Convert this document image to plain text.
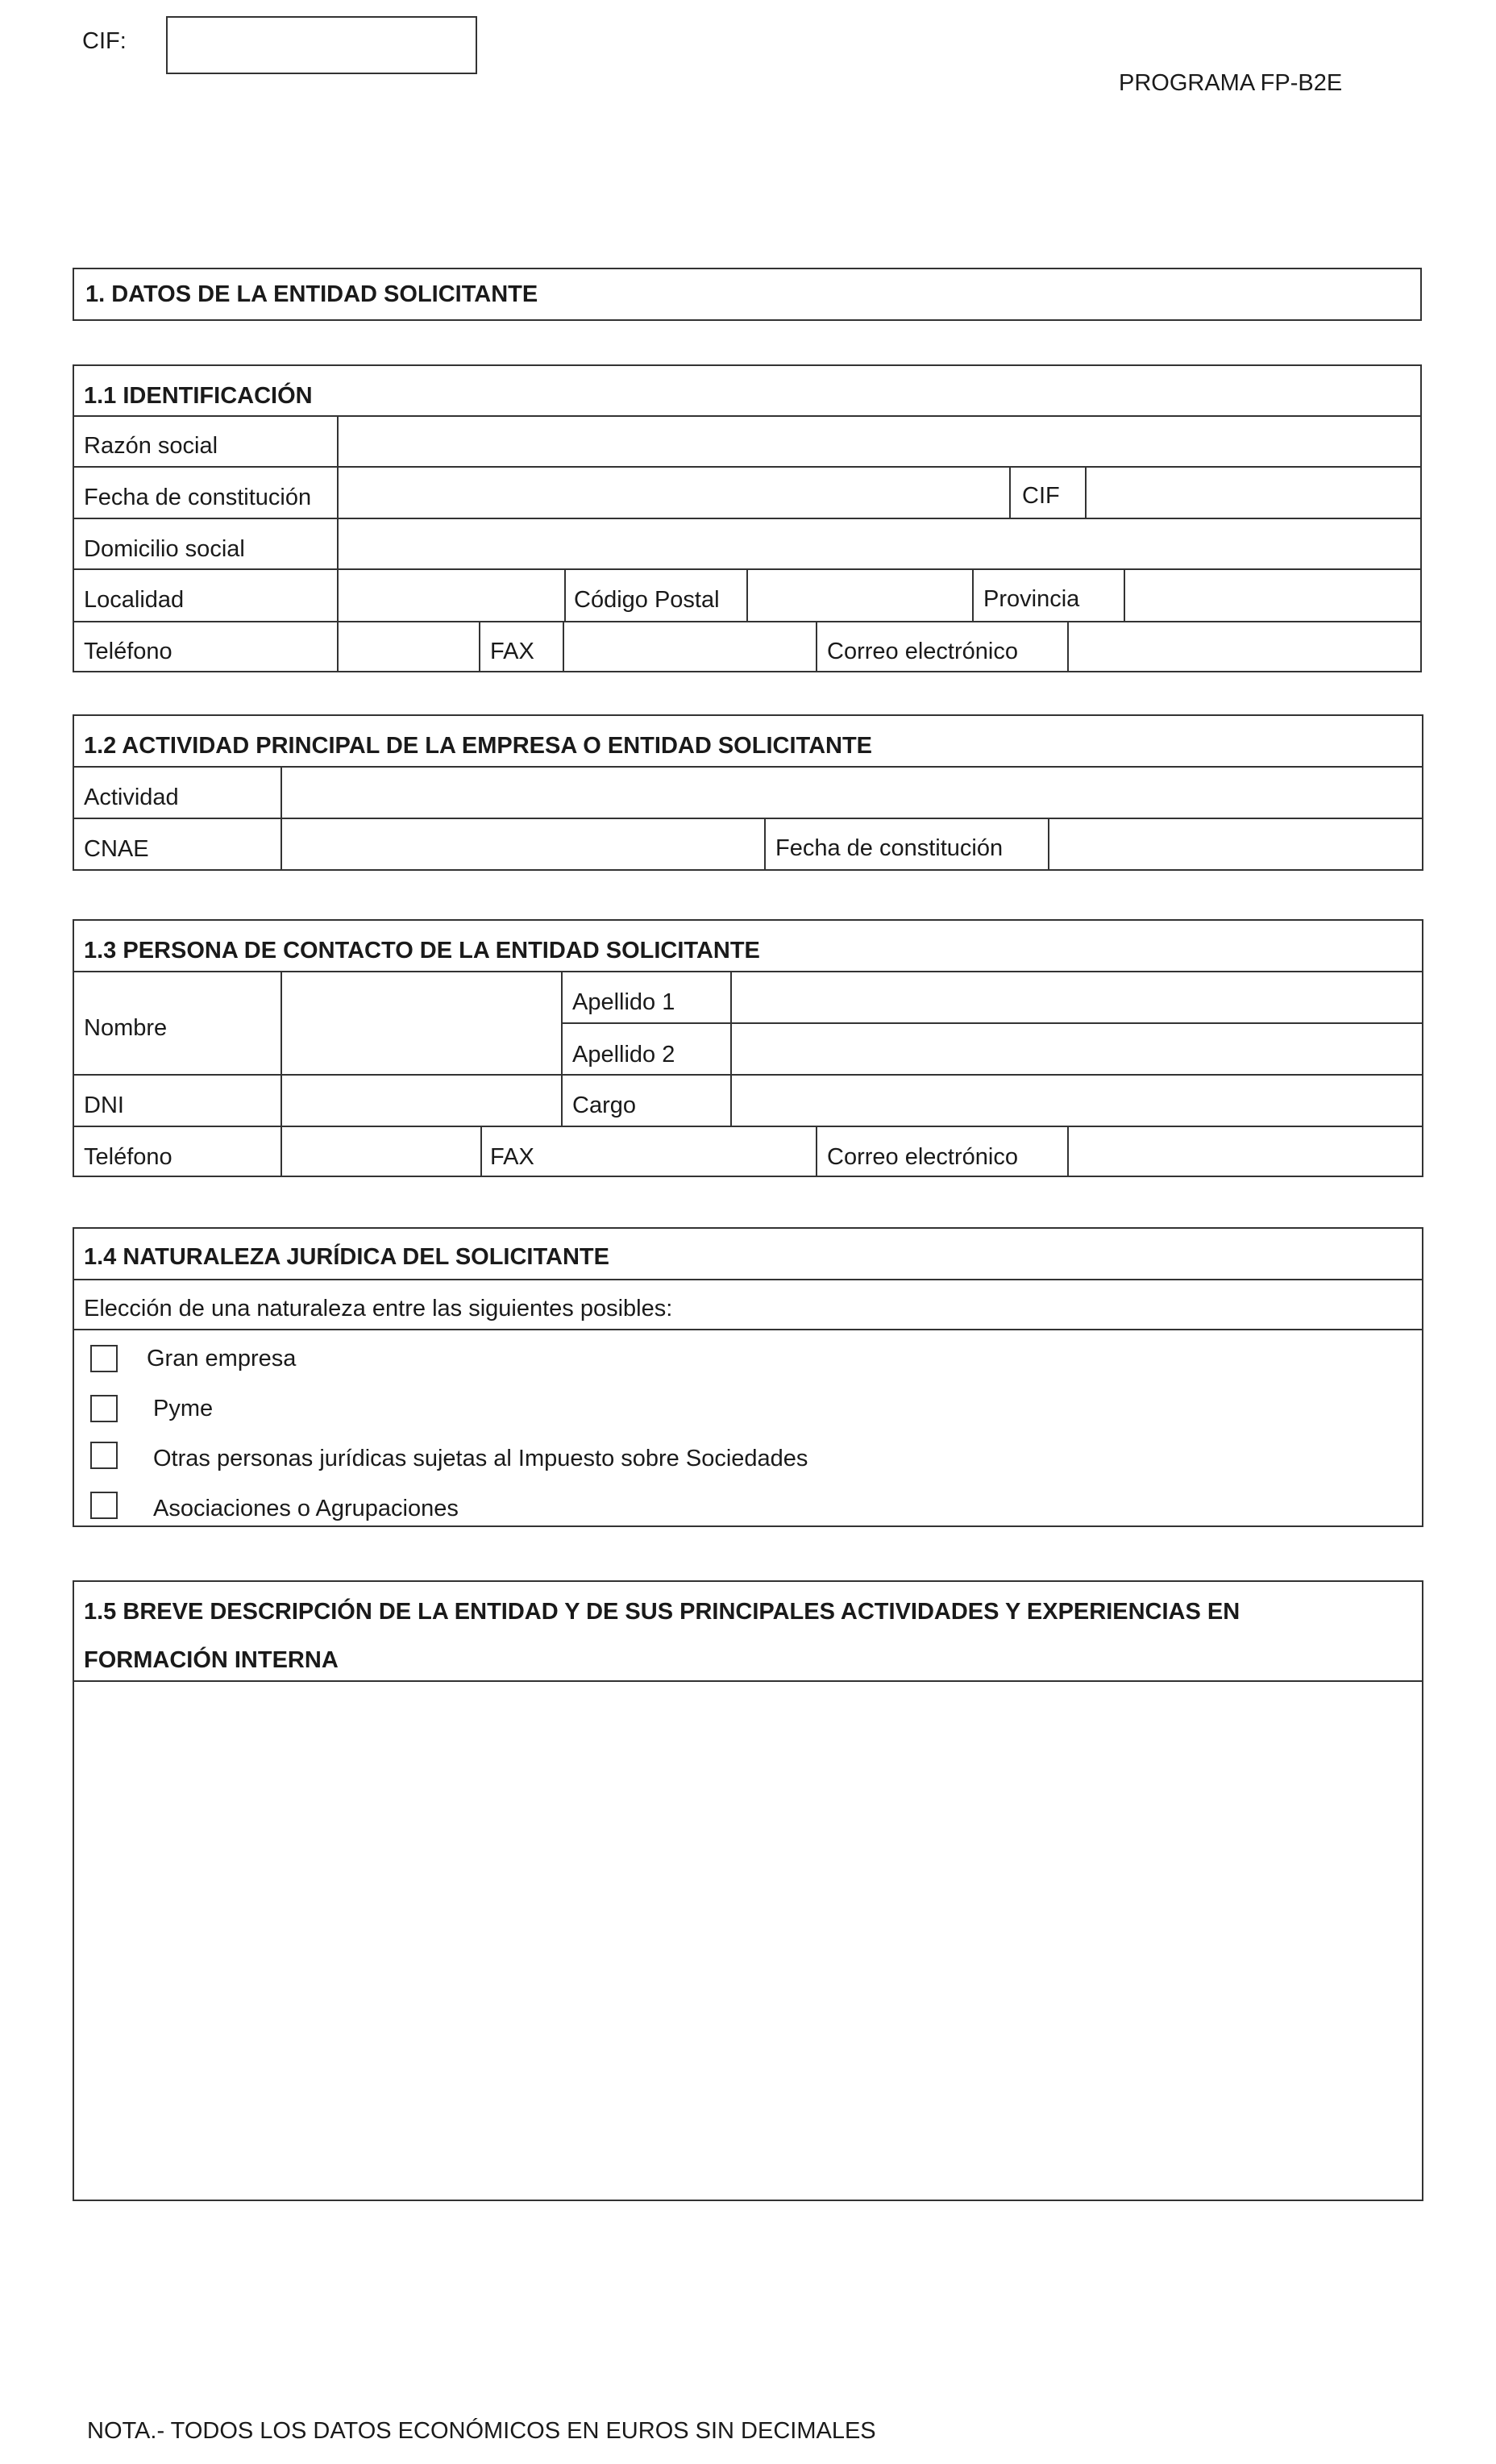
CIF:
PROGRAMA FP-B2E
1. DATOS DE LA ENTIDAD SOLICITANTE
1.1 IDENTIFICACIÓN
Razón social
Fecha de constitución	CIF
Domicilio social
Localidad	Código Postal	Provincia
Teléfono	FAX	Correo electrónico
1.2 ACTIVIDAD PRINCIPAL DE LA EMPRESA O ENTIDAD SOLICITANTE
Actividad
CNAE	Fecha de constitución
1.3 PERSONA DE CONTACTO DE LA ENTIDAD SOLICITANTE
Nombre
Apellido 1
Apellido 2
DNI	Cargo
Teléfono	FAX	Correo electrónico
1.4 NATURALEZA JURÍDICA DEL SOLICITANTE
Elección de una naturaleza entre las siguientes posibles:
Gran empresa
Pyme
Otras personas jurídicas sujetas al Impuesto sobre Sociedades
Asociaciones o Agrupaciones
1.5 BREVE DESCRIPCIÓN DE LA ENTIDAD Y DE SUS PRINCIPALES ACTIVIDADES Y EXPERIENCIAS EN
FORMACIÓN INTERNA
NOTA.- TODOS LOS DATOS ECONÓMICOS EN EUROS SIN DECIMALES
